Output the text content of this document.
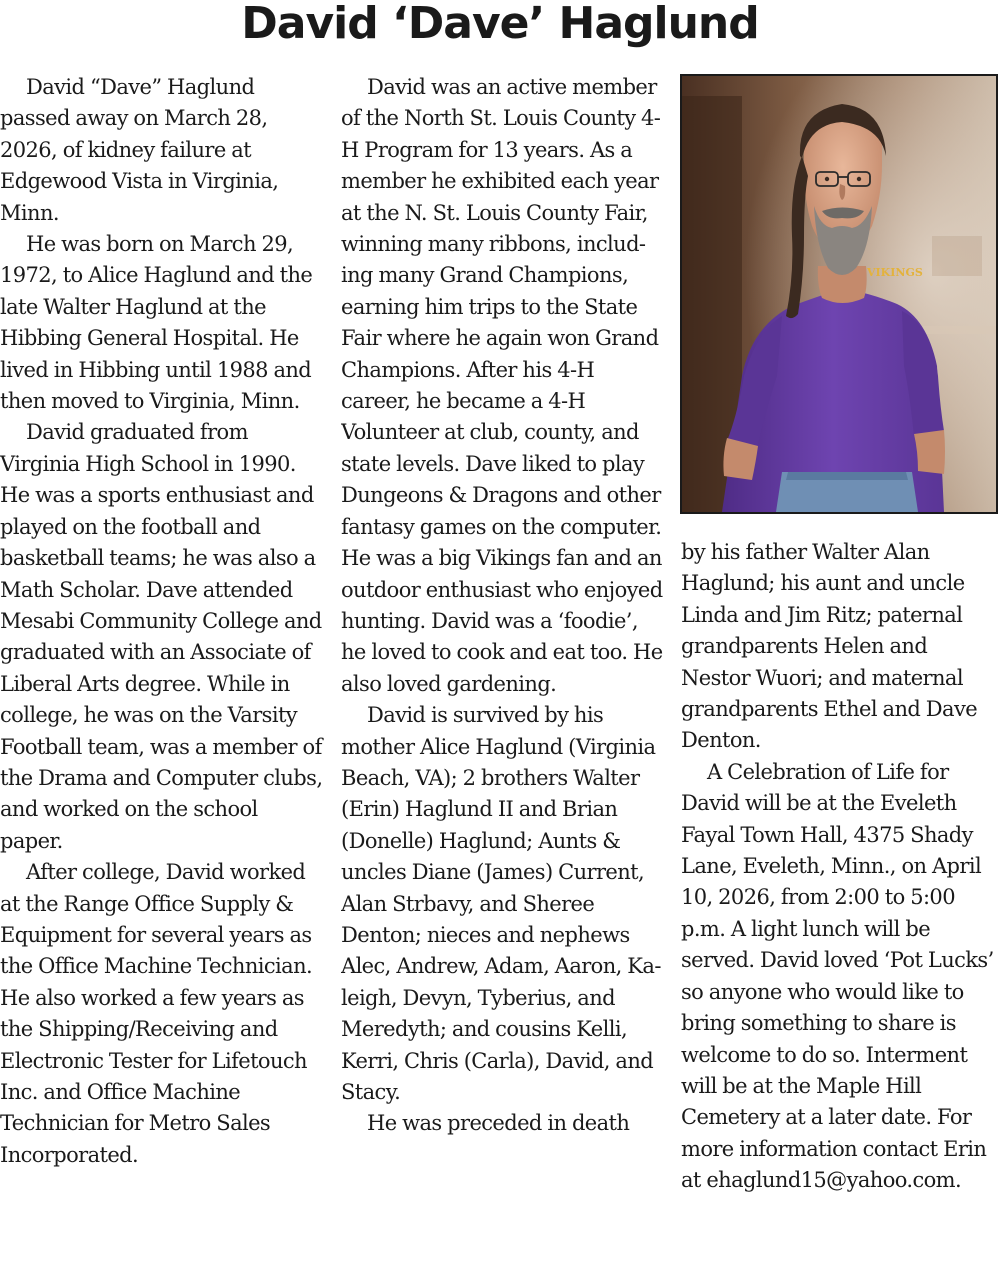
David ‘Dave’ Haglund

David “Dave” Haglund passed away on March 28, 2026, of kidney failure at Edgewood Vista in Virginia, Minn.

He was born on March 29, 1972, to Alice Haglund and the late Walter Haglund at the Hibbing General Hospital. He lived in Hibbing until 1988 and then moved to Virginia, Minn.

David graduated from Virginia High School in 1990. He was a sports enthusiast and played on the football and basketball teams; he was also a Math Scholar. Dave attended Mesabi Community College and graduated with an Associate of Liberal Arts degree. While in college, he was on the Varsity Football team, was a member of the Drama and Computer clubs, and worked on the school paper.

After college, David worked at the Range Office Supply & Equipment for several years as the Office Machine Technician. He also worked a few years as the Shipping/Receiving and Electronic Tester for Lifetouch Inc. and Office Machine Technician for Metro Sales Incorporated.

David was an active member of the North St. Louis County 4-H Program for 13 years. As a member he exhibited each year at the N. St. Louis County Fair, winning many ribbons, including many Grand Champions, earning him trips to the State Fair where he again won Grand Champions. After his 4-H career, he became a 4-H Volunteer at club, county, and state levels. Dave liked to play Dungeons & Dragons and other fantasy games on the computer. He was a big Vikings fan and an outdoor enthusiast who enjoyed hunting. David was a ‘foodie’, he loved to cook and eat too. He also loved gardening.

David is survived by his mother Alice Haglund (Virginia Beach, VA); 2 brothers Walter (Erin) Haglund II and Brian (Donelle) Haglund; Aunts & uncles Diane (James) Current, Alan Strbavy, and Sheree Denton; nieces and nephews Alec, Andrew, Adam, Aaron, Kaleigh, Devyn, Tyberius, and Meredyth; and cousins Kelli, Kerri, Chris (Carla), David, and Stacy.

He was preceded in death

VIKINGS

by his father Walter Alan Haglund; his aunt and uncle Linda and Jim Ritz; paternal grandparents Helen and Nestor Wuori; and maternal grandparents Ethel and Dave Denton.

A Celebration of Life for David will be at the Eveleth Fayal Town Hall, 4375 Shady Lane, Eveleth, Minn., on April 10, 2026, from 2:00 to 5:00 p.m. A light lunch will be served. David loved ‘Pot Lucks’ so anyone who would like to bring something to share is welcome to do so. Interment will be at the Maple Hill Cemetery at a later date. For more information contact Erin at ehaglund15@yahoo.com.
